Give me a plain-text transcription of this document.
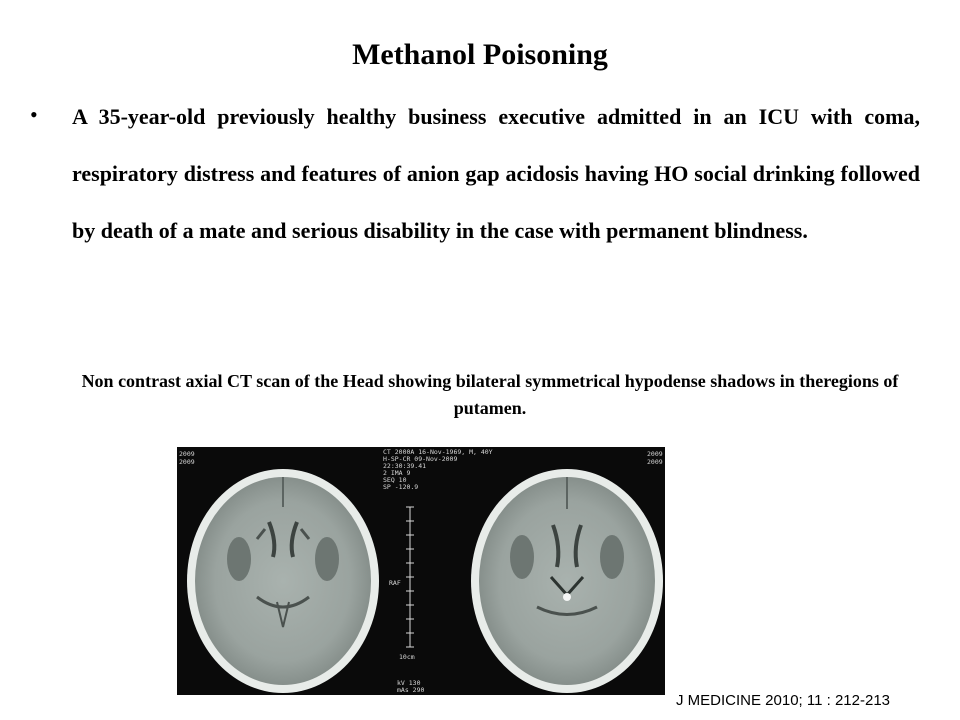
Methanol Poisoning
• A 35-year-old previously healthy business executive admitted in an ICU with coma, respiratory distress and features of anion gap acidosis having HO social drinking followed by death of a mate and serious disability in the case with permanent blindness.
Non contrast axial CT scan of the Head showing bilateral symmetrical hypodense shadows in theregions of putamen.
2009
2009
CT 2000A 16-Nov-1969, M, 40Y
H-SP-CR 09-Nov-2009
22:30:39.41
2 IMA 9
SEQ 10
SP -120.9
RAF
10cm
kV 130
mAs 290
2009
2009
J MEDICINE 2010; 11 : 212-213
